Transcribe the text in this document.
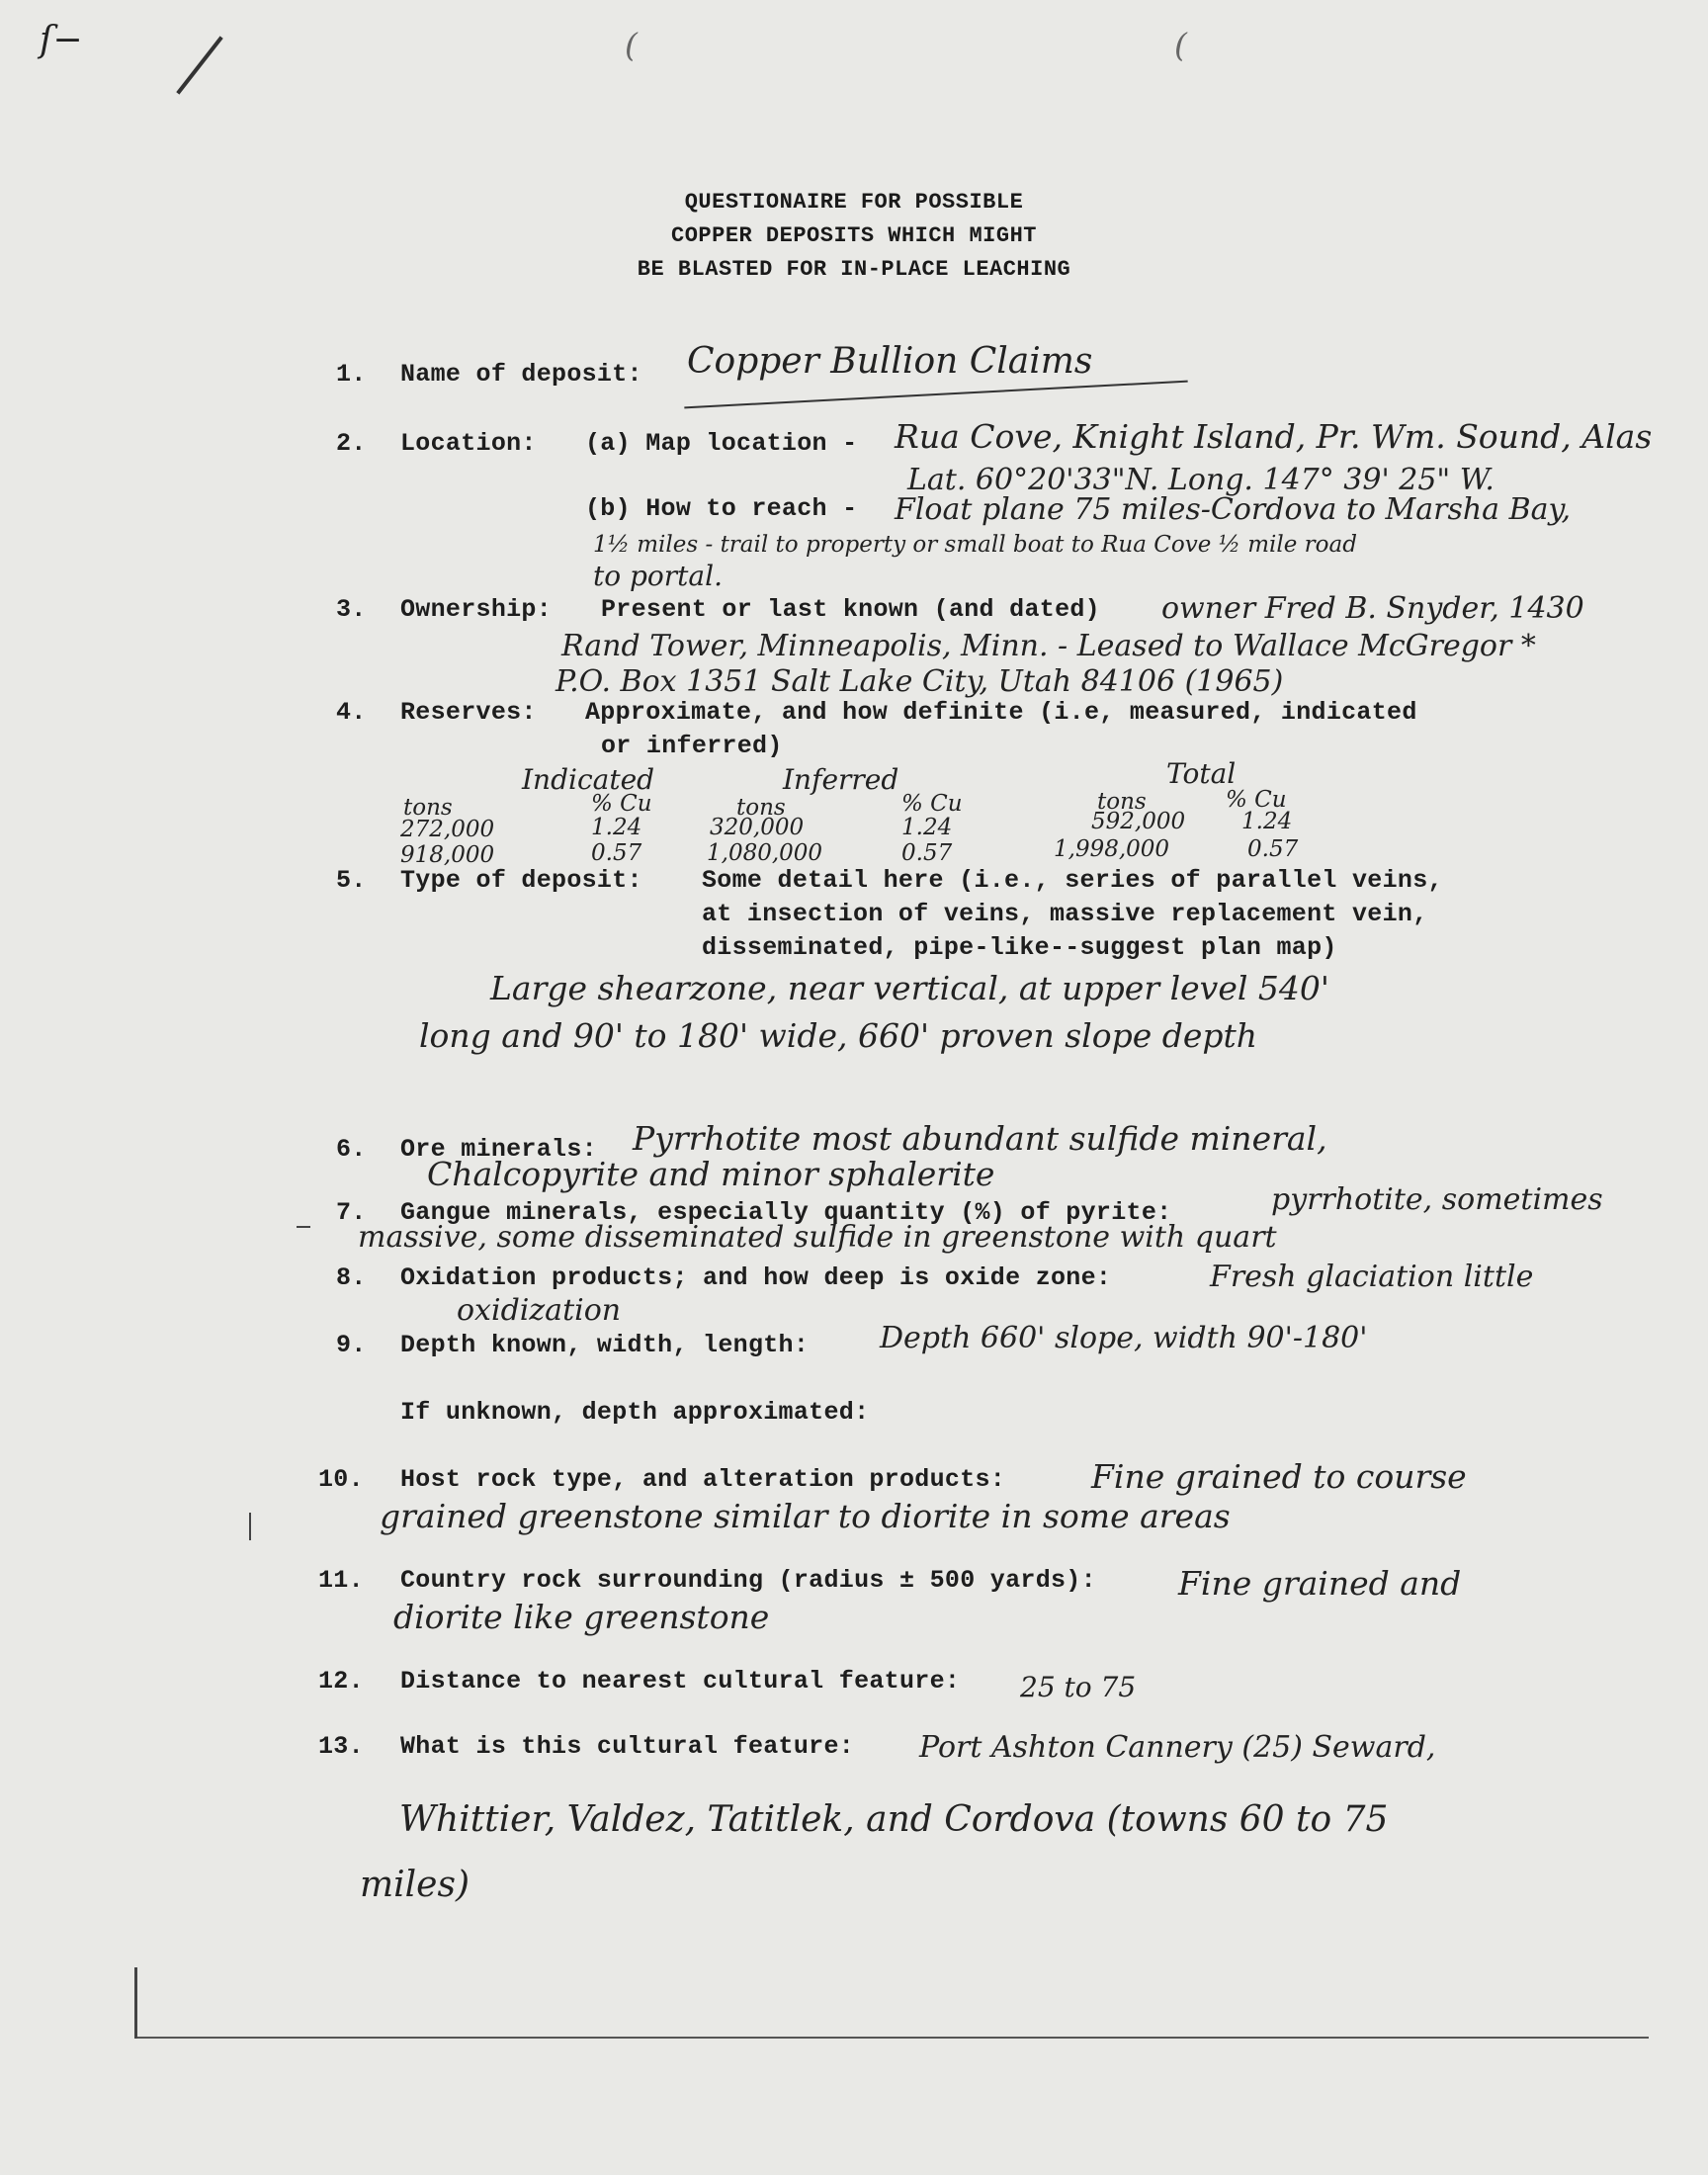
ſ−	(	(
QUESTIONAIRE FOR POSSIBLE
COPPER DEPOSITS WHICH MIGHT
BE BLASTED FOR IN-PLACE LEACHING
1. Name of deposit: Copper Bullion Claims
2. Location: (a) Map location - Rua Cove, Knight Island, Pr. Wm. Sound, Alas
Lat. 60°20'33"N. Long. 147° 39' 25" W.
(b) How to reach - Float plane 75 miles-Cordova to Marsha Bay,
1½ miles - trail to property or small boat to Rua Cove ½ mile road
to portal.
3. Ownership: Present or last known (and dated) owner Fred B. Snyder, 1430
Rand Tower, Minneapolis, Minn. - Leased to Wallace McGregor *
P.O. Box 1351 Salt Lake City, Utah 84106 (1965)
4. Reserves: Approximate, and how definite (i.e, measured, indicated
or inferred)
Indicated	Inferred	Total
tons	% Cu	tons	% Cu	tons	% Cu
272,000	1.24	320,000	1.24	592,000 1.24
918,000	0.57	1,080,000	0.57	1,998,000	0.57
5. Type of deposit: Some detail here (i.e., series of parallel veins,
at insection of veins, massive replacement vein,
disseminated, pipe-like--suggest plan map)
Large shearzone, near vertical, at upper level 540'
long and 90' to 180' wide, 660' proven slope depth
6. Ore minerals: Pyrrhotite most abundant sulfide mineral,
Chalcopyrite and minor sphalerite
7. Gangue minerals, especially quantity (%) of pyrite:	pyrrhotite, sometimes
massive, some disseminated sulfide in greenstone with quart
8. Oxidation products; and how deep is oxide zone:	Fresh glaciation little
oxidization
9. Depth known, width, length: Depth 660' slope, width 90'-180'
If unknown, depth approximated:
10. Host rock type, and alteration products:	Fine grained to course
grained greenstone similar to diorite in some areas
11. Country rock surrounding (radius ± 500 yards):	Fine grained and
diorite like greenstone
12. Distance to nearest cultural feature: 25 to 75
13. What is this cultural feature: Port Ashton Cannery (25) Seward,
Whittier, Valdez, Tatitlek, and Cordova (towns 60 to 75
miles)
